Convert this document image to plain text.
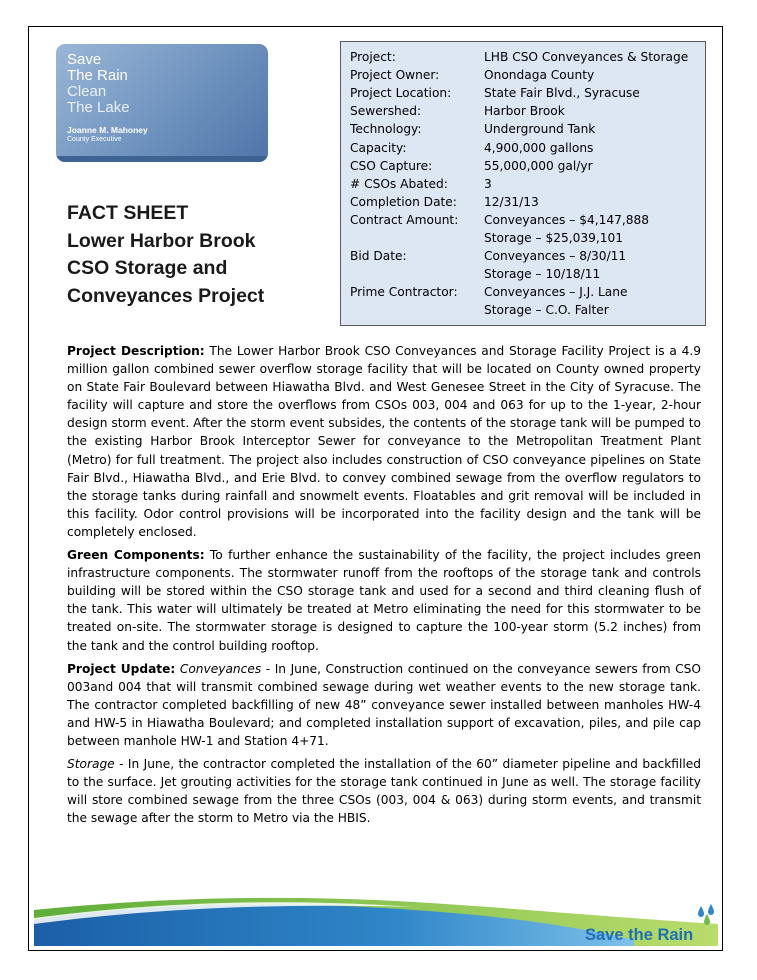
Save
The Rain
Clean
The Lake
Joanne M. Mahoney
County Executive
FACT SHEET
Lower Harbor Brook
CSO Storage and
Conveyances Project
Project:	LHB CSO Conveyances & Storage
Project Owner:	Onondaga County
Project Location:	State Fair Blvd., Syracuse
Sewershed:	Harbor Brook
Technology:	Underground Tank
Capacity:	4,900,000 gallons
CSO Capture:	55,000,000 gal/yr
# CSOs Abated:	3
Completion Date:	12/31/13
Contract Amount:	Conveyances – $4,147,888
Storage – $25,039,101
Bid Date:	Conveyances – 8/30/11
Storage – 10/18/11
Prime Contractor:	Conveyances – J.J. Lane
Storage – C.O. Falter

Project Description: The Lower Harbor Brook CSO Conveyances and Storage Facility Project is a 4.9 million gallon combined sewer overflow storage facility that will be located on County owned property on State Fair Boulevard between Hiawatha Blvd. and West Genesee Street in the City of Syracuse. The facility will capture and store the overflows from CSOs 003, 004 and 063 for up to the 1-year, 2-hour design storm event. After the storm event subsides, the contents of the storage tank will be pumped to the existing Harbor Brook Interceptor Sewer for conveyance to the Metropolitan Treatment Plant (Metro) for full treatment. The project also includes construction of CSO conveyance pipelines on State Fair Blvd., Hiawatha Blvd., and Erie Blvd. to convey combined sewage from the overflow regulators to the storage tanks during rainfall and snowmelt events. Floatables and grit removal will be included in this facility. Odor control provisions will be incorporated into the facility design and the tank will be completely enclosed.

Green Components: To further enhance the sustainability of the facility, the project includes green infrastructure components. The stormwater runoff from the rooftops of the storage tank and controls building will be stored within the CSO storage tank and used for a second and third cleaning flush of the tank. This water will ultimately be treated at Metro eliminating the need for this stormwater to be treated on-site. The stormwater storage is designed to capture the 100-year storm (5.2 inches) from the tank and the control building rooftop.

Project Update: Conveyances - In June, Construction continued on the conveyance sewers from CSO 003and 004 that will transmit combined sewage during wet weather events to the new storage tank. The contractor completed backfilling of new 48” conveyance sewer installed between manholes HW-4 and HW-5 in Hiawatha Boulevard; and completed installation support of excavation, piles, and pile cap between manhole HW-1 and Station 4+71.

Storage - In June, the contractor completed the installation of the 60” diameter pipeline and backfilled to the surface. Jet grouting activities for the storage tank continued in June as well. The storage facility will store combined sewage from the three CSOs (003, 004 & 063) during storm events, and transmit the sewage after the storm to Metro via the HBIS.

Save the Rain
